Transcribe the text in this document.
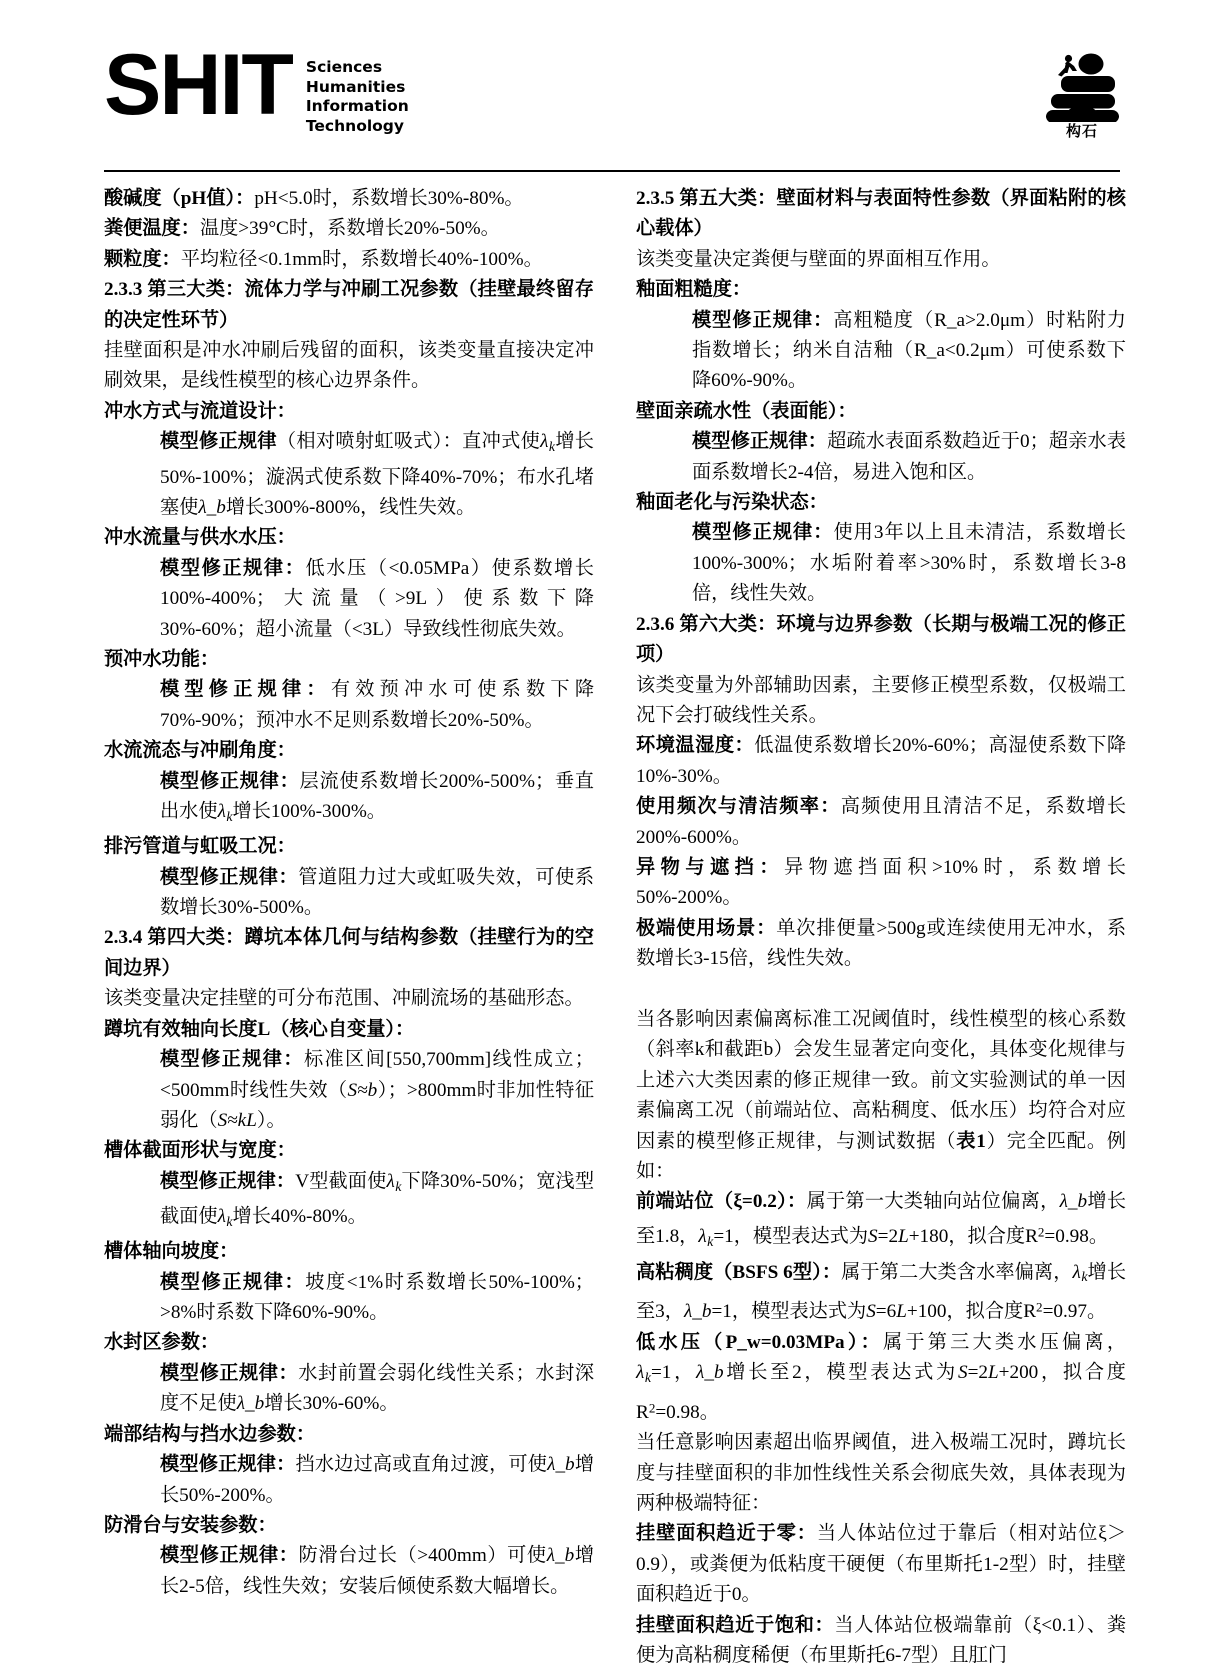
SHIT Sciences
Humanities
Information
Technology	构石
酸碱度（pH值）：pH<5.0时，系数增长30%-80%。
粪便温度：温度>39°C时，系数增长20%-50%。
颗粒度：平均粒径<0.1mm时，系数增长40%-100%。
2.3.3 第三大类：流体力学与冲刷工况参数（挂壁最终留存的决定性环节）
挂壁面积是冲水冲刷后残留的面积，该类变量直接决定冲刷效果，是线性模型的核心边界条件。
冲水方式与流道设计：
模型修正规律（相对喷射虹吸式）：直冲式使$\lambda_k$增长50%-100%；漩涡式使系数下降40%-70%；布水孔堵塞使λ_b增长300%-800%，线性失效。
冲水流量与供水水压：
模型修正规律：低水压（<0.05MPa）使系数增长100%-400%；大流量（>9L）使系数下降30%-60%；超小流量（<3L）导致线性彻底失效。
预冲水功能：
模型修正规律：有效预冲水可使系数下降70%-90%；预冲水不足则系数增长20%-50%。
水流流态与冲刷角度：
模型修正规律：层流使系数增长200%-500%；垂直出水使$\lambda_k$增长100%-300%。
排污管道与虹吸工况：
模型修正规律：管道阻力过大或虹吸失效，可使系数增长30%-500%。
2.3.4 第四大类：蹲坑本体几何与结构参数（挂壁行为的空间边界）
该类变量决定挂壁的可分布范围、冲刷流场的基础形态。
蹲坑有效轴向长度L（核心自变量）：
模型修正规律：标准区间[550,700mm]线性成立；<500mm时线性失效（S≈b）；>800mm时非加性特征弱化（S≈kL）。
槽体截面形状与宽度：
模型修正规律：V型截面使$\lambda_k$下降30%-50%；宽浅型截面使$\lambda_k$增长40%-80%。
槽体轴向坡度：
模型修正规律：坡度<1%时系数增长50%-100%；>8%时系数下降60%-90%。
水封区参数：
模型修正规律：水封前置会弱化线性关系；水封深度不足使λ_b增长30%-60%。
端部结构与挡水边参数：
模型修正规律：挡水边过高或直角过渡，可使λ_b增长50%-200%。
防滑台与安装参数：
模型修正规律：防滑台过长（>400mm）可使λ_b增长2-5倍，线性失效；安装后倾使系数大幅增长。
2.3.5 第五大类：壁面材料与表面特性参数（界面粘附的核心载体）
该类变量决定粪便与壁面的界面相互作用。
釉面粗糙度：
模型修正规律：高粗糙度（R_a>2.0μm）时粘附力指数增长；纳米自洁釉（R_a<0.2μm）可使系数下降60%-90%。
壁面亲疏水性（表面能）：
模型修正规律：超疏水表面系数趋近于0；超亲水表面系数增长2-4倍，易进入饱和区。
釉面老化与污染状态：
模型修正规律：使用3年以上且未清洁，系数增长100%-300%；水垢附着率>30%时，系数增长3-8倍，线性失效。
2.3.6 第六大类：环境与边界参数（长期与极端工况的修正项）
该类变量为外部辅助因素，主要修正模型系数，仅极端工况下会打破线性关系。
环境温湿度：低温使系数增长20%-60%；高湿使系数下降10%-30%。
使用频次与清洁频率：高频使用且清洁不足，系数增长200%-600%。
异物与遮挡：异物遮挡面积>10%时，系数增长50%-200%。
极端使用场景：单次排便量>500g或连续使用无冲水，系数增长3-15倍，线性失效。
当各影响因素偏离标准工况阈值时，线性模型的核心系数（斜率k和截距b）会发生显著定向变化，具体变化规律与上述六大类因素的修正规律一致。前文实验测试的单一因素偏离工况（前端站位、高粘稠度、低水压）均符合对应因素的模型修正规律，与测试数据（表1）完全匹配。例如：
前端站位（ξ=0.2）：属于第一大类轴向站位偏离，λ_b增长至1.8，$\lambda_k=1$，模型表达式为S=2L+180，拟合度$R^2=0.98$。
高粘稠度（BSFS 6型）：属于第二大类含水率偏离，$\lambda_k$增长至3，λ_b=1，模型表达式为S=6L+100，拟合度$R^2=0.97$。
低水压（P_w=0.03MPa）：属于第三大类水压偏离，$\lambda_k=1$，λ_b增长至2，模型表达式为S=2L+200，拟合度$R^2=0.98$。
当任意影响因素超出临界阈值，进入极端工况时，蹲坑长度与挂壁面积的非加性线性关系会彻底失效，具体表现为两种极端特征：
挂壁面积趋近于零：当人体站位过于靠后（相对站位ξ＞0.9），或粪便为低粘度干硬便（布里斯托1-2型）时，挂壁面积趋近于0。
挂壁面积趋近于饱和：当人体站位极端靠前（ξ<0.1）、粪便为高粘稠度稀便（布里斯托6-7型）且肛门
